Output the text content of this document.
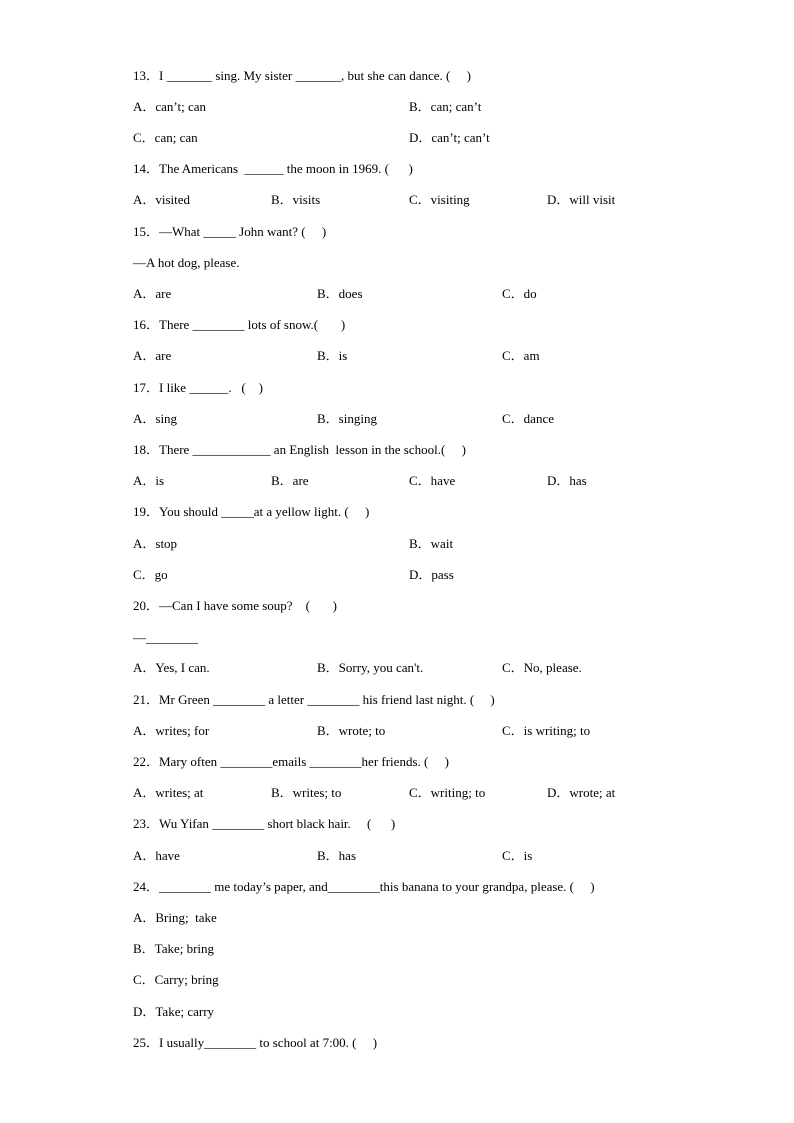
13．I _______ sing. My sister _______, but she can dance. (     )
A．can’t; can	B．can; can’t
C．can; can	D．can’t; can’t
14．The Americans  ______ the moon in 1969. (      )
A．visited	B．visits	C．visiting	D．will visit
15．—What _____ John want? (     )
—A hot dog, please.
A．are	B．does	C．do
16．There ________ lots of snow.(       )
A．are	B．is	C．am
17．I like ______.   (    )
A．sing	B．singing	C．dance
18．There ____________ an English  lesson in the school.(     )
A．is	B．are	C．have	D．has
19．You should _____at a yellow light. (     )
A．stop	B．wait
C．go	D．pass
20．—Can I have some soup?    (       )
—________
A．Yes, I can.	B．Sorry, you can't.	C．No, please.
21．Mr Green ________ a letter ________ his friend last night. (     )
A．writes; for	B．wrote; to	C．is writing; to
22．Mary often ________emails ________her friends. (     )
A．writes; at	B．writes; to	C．writing; to	D．wrote; at
23．Wu Yifan ________ short black hair.     (      )
A．have	B．has	C．is
24．________ me today’s paper, and________this banana to your grandpa, please. (     )
A．Bring;  take
B．Take; bring
C．Carry; bring
D．Take; carry
25．I usually________ to school at 7:00. (     )
